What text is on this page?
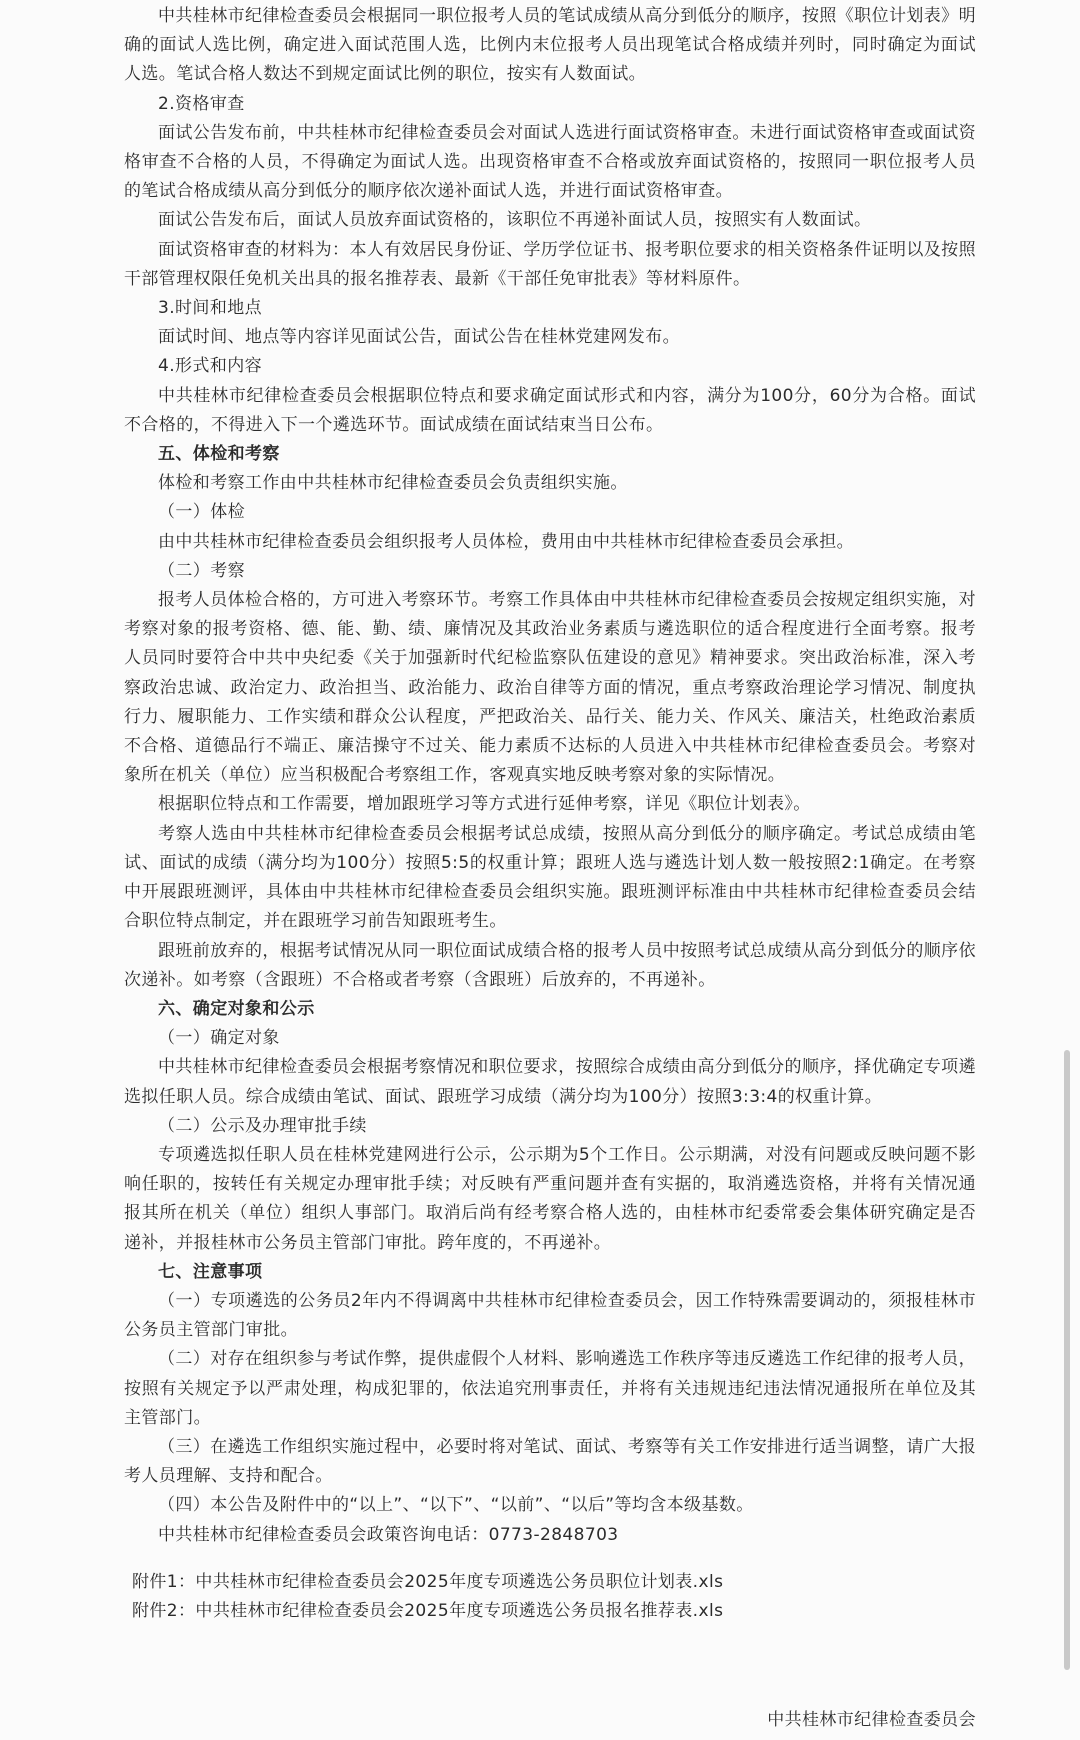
中共桂林市纪律检查委员会根据同一职位报考人员的笔试成绩从高分到低分的顺序，按照《职位计划表》明确的面试人选比例，确定进入面试范围人选，比例内末位报考人员出现笔试合格成绩并列时，同时确定为面试人选。笔试合格人数达不到规定面试比例的职位，按实有人数面试。

2.资格审查

面试公告发布前，中共桂林市纪律检查委员会对面试人选进行面试资格审查。未进行面试资格审查或面试资格审查不合格的人员，不得确定为面试人选。出现资格审查不合格或放弃面试资格的，按照同一职位报考人员的笔试合格成绩从高分到低分的顺序依次递补面试人选，并进行面试资格审查。

面试公告发布后，面试人员放弃面试资格的，该职位不再递补面试人员，按照实有人数面试。

面试资格审查的材料为：本人有效居民身份证、学历学位证书、报考职位要求的相关资格条件证明以及按照干部管理权限任免机关出具的报名推荐表、最新《干部任免审批表》等材料原件。

3.时间和地点

面试时间、地点等内容详见面试公告，面试公告在桂林党建网发布。

4.形式和内容

中共桂林市纪律检查委员会根据职位特点和要求确定面试形式和内容，满分为100分，60分为合格。面试不合格的，不得进入下一个遴选环节。面试成绩在面试结束当日公布。

五、体检和考察

体检和考察工作由中共桂林市纪律检查委员会负责组织实施。

（一）体检

由中共桂林市纪律检查委员会组织报考人员体检，费用由中共桂林市纪律检查委员会承担。

（二）考察

报考人员体检合格的，方可进入考察环节。考察工作具体由中共桂林市纪律检查委员会按规定组织实施，对考察对象的报考资格、德、能、勤、绩、廉情况及其政治业务素质与遴选职位的适合程度进行全面考察。报考人员同时要符合中共中央纪委《关于加强新时代纪检监察队伍建设的意见》精神要求。突出政治标准，深入考察政治忠诚、政治定力、政治担当、政治能力、政治自律等方面的情况，重点考察政治理论学习情况、制度执行力、履职能力、工作实绩和群众公认程度，严把政治关、品行关、能力关、作风关、廉洁关，杜绝政治素质不合格、道德品行不端正、廉洁操守不过关、能力素质不达标的人员进入中共桂林市纪律检查委员会。考察对象所在机关（单位）应当积极配合考察组工作，客观真实地反映考察对象的实际情况。

根据职位特点和工作需要，增加跟班学习等方式进行延伸考察，详见《职位计划表》。

考察人选由中共桂林市纪律检查委员会根据考试总成绩，按照从高分到低分的顺序确定。考试总成绩由笔试、面试的成绩（满分均为100分）按照5:5的权重计算；跟班人选与遴选计划人数一般按照2:1确定。在考察中开展跟班测评，具体由中共桂林市纪律检查委员会组织实施。跟班测评标准由中共桂林市纪律检查委员会结合职位特点制定，并在跟班学习前告知跟班考生。

跟班前放弃的，根据考试情况从同一职位面试成绩合格的报考人员中按照考试总成绩从高分到低分的顺序依次递补。如考察（含跟班）不合格或者考察（含跟班）后放弃的，不再递补。

六、确定对象和公示

（一）确定对象

中共桂林市纪律检查委员会根据考察情况和职位要求，按照综合成绩由高分到低分的顺序，择优确定专项遴选拟任职人员。综合成绩由笔试、面试、跟班学习成绩（满分均为100分）按照3:3:4的权重计算。

（二）公示及办理审批手续

专项遴选拟任职人员在桂林党建网进行公示，公示期为5个工作日。公示期满，对没有问题或反映问题不影响任职的，按转任有关规定办理审批手续；对反映有严重问题并查有实据的，取消遴选资格，并将有关情况通报其所在机关（单位）组织人事部门。取消后尚有经考察合格人选的，由桂林市纪委常委会集体研究确定是否递补，并报桂林市公务员主管部门审批。跨年度的，不再递补。

七、注意事项

（一）专项遴选的公务员2年内不得调离中共桂林市纪律检查委员会，因工作特殊需要调动的，须报桂林市公务员主管部门审批。

（二）对存在组织参与考试作弊，提供虚假个人材料、影响遴选工作秩序等违反遴选工作纪律的报考人员，按照有关规定予以严肃处理，构成犯罪的，依法追究刑事责任，并将有关违规违纪违法情况通报所在单位及其主管部门。

（三）在遴选工作组织实施过程中，必要时将对笔试、面试、考察等有关工作安排进行适当调整，请广大报考人员理解、支持和配合。

（四）本公告及附件中的“以上”、“以下”、“以前”、“以后”等均含本级基数。

中共桂林市纪律检查委员会政策咨询电话：0773-2848703

附件1：中共桂林市纪律检查委员会2025年度专项遴选公务员职位计划表.xls
附件2：中共桂林市纪律检查委员会2025年度专项遴选公务员报名推荐表.xls
中共桂林市纪律检查委员会
